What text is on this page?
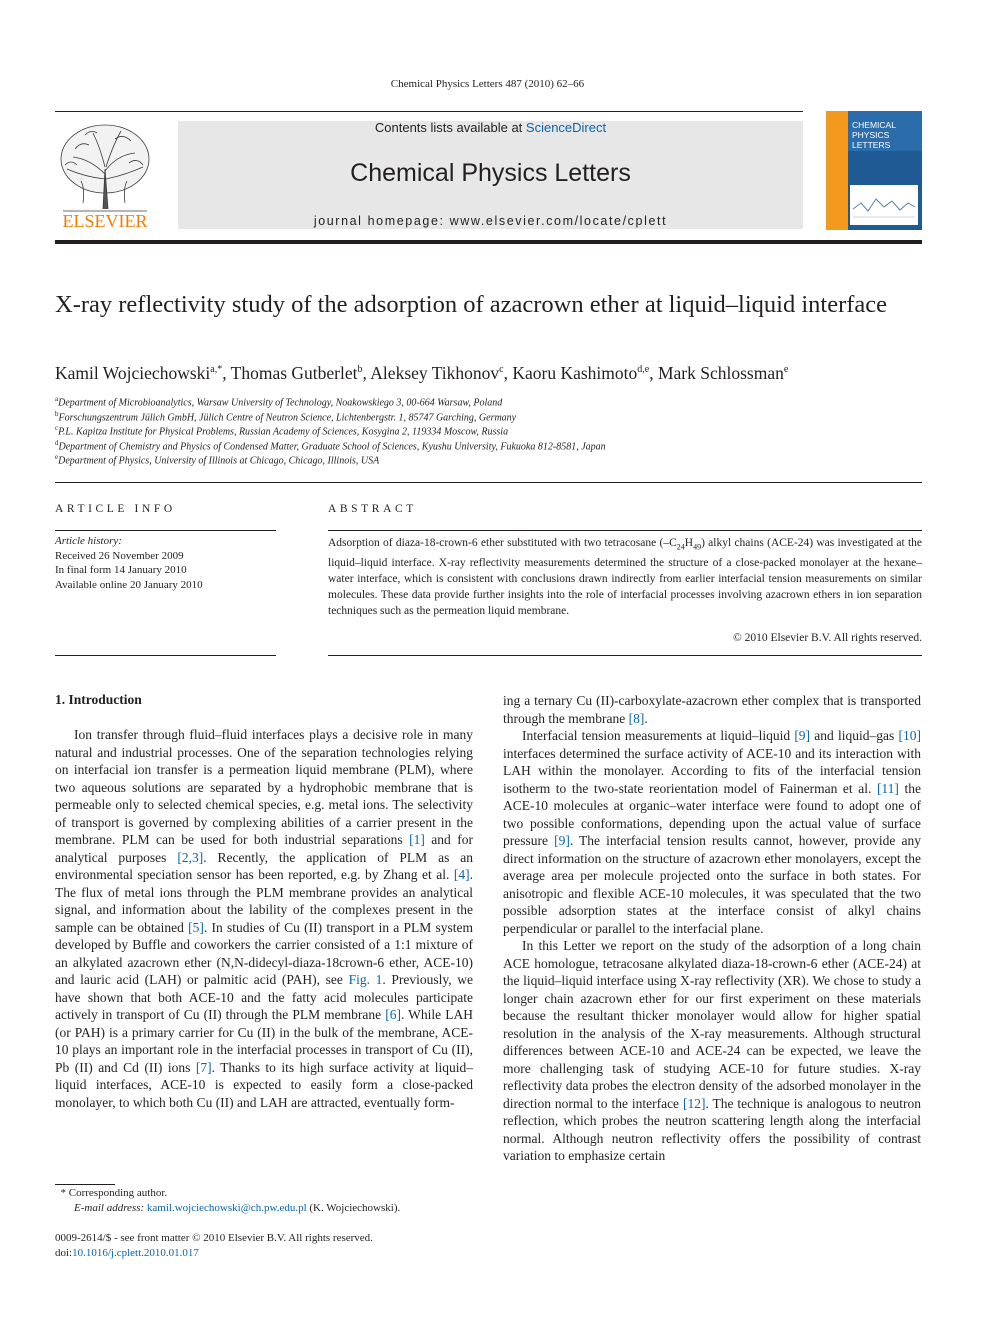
Chemical Physics Letters 487 (2010) 62–66
ELSEVIER
Contents lists available at ScienceDirect
Chemical Physics Letters
journal homepage: www.elsevier.com/locate/cplett
CHEMICAL
PHYSICS
LETTERS
X-ray reflectivity study of the adsorption of azacrown ether at liquid–liquid interface
Kamil Wojciechowski$^{a,*}$, Thomas Gutberlet$^b$, Aleksey Tikhonov$^c$, Kaoru Kashimoto$^{d,e}$, Mark Schlossman$^e$
$^a$Department of Microbioanalytics, Warsaw University of Technology, Noakowskiego 3, 00-664 Warsaw, Poland
$^b$Forschungszentrum Jülich GmbH, Jülich Centre of Neutron Science, Lichtenbergstr. 1, 85747 Garching, Germany
$^c$P.L. Kapitza Institute for Physical Problems, Russian Academy of Sciences, Kosygina 2, 119334 Moscow, Russia
$^d$Department of Chemistry and Physics of Condensed Matter, Graduate School of Sciences, Kyushu University, Fukuoka 812-8581, Japan
$^e$Department of Physics, University of Illinois at Chicago, Chicago, Illinois, USA
ARTICLE INFO
Article history:
Received 26 November 2009
In final form 14 January 2010
Available online 20 January 2010
ABSTRACT
Adsorption of diaza-18-crown-6 ether substituted with two tetracosane $(-C_{24}H_{49})$ alkyl chains (ACE-24) was investigated at the liquid–liquid interface. X-ray reflectivity measurements determined the structure of a close-packed monolayer at the hexane–water interface, which is consistent with conclusions drawn indirectly from earlier interfacial tension measurements on similar molecules. These data provide further insights into the role of interfacial processes involving azacrown ethers in ion separation techniques such as the permeation liquid membrane.
© 2010 Elsevier B.V. All rights reserved.
1. Introduction

Ion transfer through fluid–fluid interfaces plays a decisive role in many natural and industrial processes. One of the separation technologies relying on interfacial ion transfer is a permeation liquid membrane (PLM), where two aqueous solutions are separated by a hydrophobic membrane that is permeable only to selected chemical species, e.g. metal ions. The selectivity of transport is governed by complexing abilities of a carrier present in the membrane. PLM can be used for both industrial separations [1] and for analytical purposes [2,3]. Recently, the application of PLM as an environmental speciation sensor has been reported, e.g. by Zhang et al. [4]. The flux of metal ions through the PLM membrane provides an analytical signal, and information about the lability of the complexes present in the sample can be obtained [5]. In studies of Cu (II) transport in a PLM system developed by Buffle and coworkers the carrier consisted of a 1:1 mixture of an alkylated azacrown ether (N,N-didecyl-diaza-18crown-6 ether, ACE-10) and lauric acid (LAH) or palmitic acid (PAH), see Fig. 1. Previously, we have shown that both ACE-10 and the fatty acid molecules participate actively in transport of Cu (II) through the PLM membrane [6]. While LAH (or PAH) is a primary carrier for Cu (II) in the bulk of the membrane, ACE-10 plays an important role in the interfacial processes in transport of Cu (II), Pb (II) and Cd (II) ions [7]. Thanks to its high surface activity at liquid–liquid interfaces, ACE-10 is expected to easily form a close-packed monolayer, to which both Cu (II) and LAH are attracted, eventually form-

ing a ternary Cu (II)-carboxylate-azacrown ether complex that is transported through the membrane [8].

Interfacial tension measurements at liquid–liquid [9] and liquid–gas [10] interfaces determined the surface activity of ACE-10 and its interaction with LAH within the monolayer. According to fits of the interfacial tension isotherm to the two-state reorientation model of Fainerman et al. [11] the ACE-10 molecules at organic–water interface were found to adopt one of two possible conformations, depending upon the actual value of surface pressure [9]. The interfacial tension results cannot, however, provide any direct information on the structure of azacrown ether monolayers, except the average area per molecule projected onto the surface in both states. For anisotropic and flexible ACE-10 molecules, it was speculated that the two possible adsorption states at the interface consist of alkyl chains perpendicular or parallel to the interfacial plane.

In this Letter we report on the study of the adsorption of a long chain ACE homologue, tetracosane alkylated diaza-18-crown-6 ether (ACE-24) at the liquid–liquid interface using X-ray reflectivity (XR). We chose to study a longer chain azacrown ether for our first experiment on these materials because the resultant thicker monolayer would allow for higher spatial resolution in the analysis of the X-ray measurements. Although structural differences between ACE-10 and ACE-24 can be expected, we leave the more challenging task of studying ACE-10 for future studies. X-ray reflectivity data probes the electron density of the adsorbed monolayer in the direction normal to the interface [12]. The technique is analogous to neutron reflection, which probes the neutron scattering length along the interfacial normal. Although neutron reflectivity offers the possibility of contrast variation to emphasize certain

* Corresponding author.
E-mail address: kamil.wojciechowski@ch.pw.edu.pl (K. Wojciechowski).
0009-2614/$ - see front matter © 2010 Elsevier B.V. All rights reserved.
doi:10.1016/j.cplett.2010.01.017
